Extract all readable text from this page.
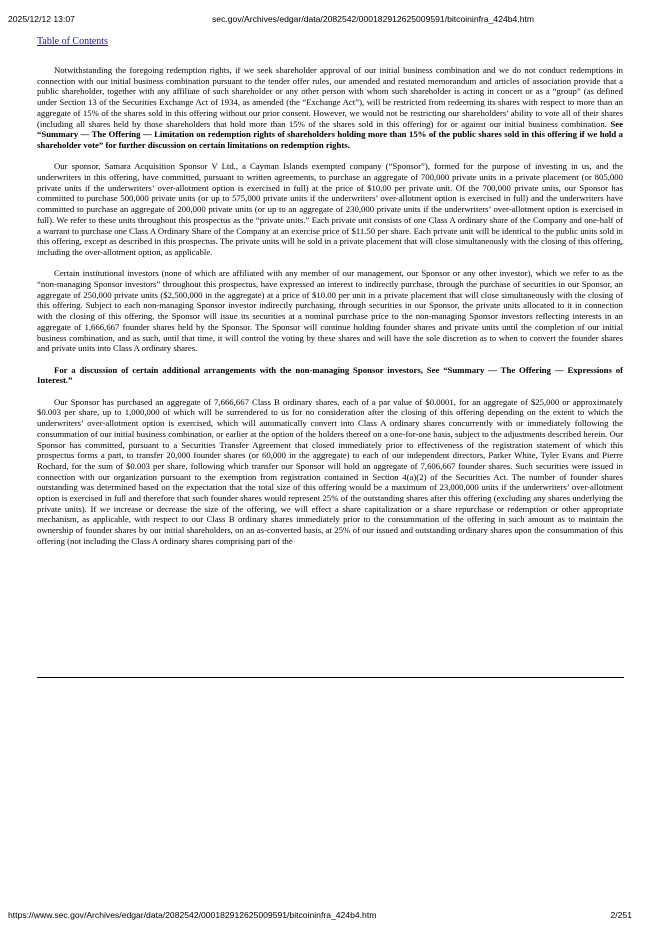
2025/12/12 13:07	sec.gov/Archives/edgar/data/2082542/000182912625009591/bitcoininfra_424b4.htm
Table of Contents

Notwithstanding the foregoing redemption rights, if we seek shareholder approval of our initial business combination and we do not conduct redemptions in connection with our initial business combination pursuant to the tender offer rules, our amended and restated memorandum and articles of association provide that a public shareholder, together with any affiliate of such shareholder or any other person with whom such shareholder is acting in concert or as a “group” (as defined under Section 13 of the Securities Exchange Act of 1934, as amended (the “Exchange Act”), will be restricted from redeeming its shares with respect to more than an aggregate of 15% of the shares sold in this offering without our prior consent. However, we would not be restricting our shareholders’ ability to vote all of their shares (including all shares held by those shareholders that hold more than 15% of the shares sold in this offering) for or against our initial business combination. See “Summary — The Offering — Limitation on redemption rights of shareholders holding more than 15% of the public shares sold in this offering if we hold a shareholder vote” for further discussion on certain limitations on redemption rights.

Our sponsor, Samara Acquisition Sponsor V Ltd., a Cayman Islands exempted company (“Sponsor”), formed for the purpose of investing in us, and the underwriters in this offering, have committed, pursuant to written agreements, to purchase an aggregate of 700,000 private units in a private placement (or 805,000 private units if the underwriters’ over-allotment option is exercised in full) at the price of $10.00 per private unit. Of the 700,000 private units, our Sponsor has committed to purchase 500,000 private units (or up to 575,000 private units if the underwriters’ over-allotment option is exercised in full) and the underwriters have committed to purchase an aggregate of 200,000 private units (or up to an aggregate of 230,000 private units if the underwriters’ over-allotment option is exercised in full). We refer to these units throughout this prospectus as the “private units.” Each private unit consists of one Class A ordinary share of the Company and one-half of a warrant to purchase one Class A Ordinary Share of the Company at an exercise price of $11.50 per share. Each private unit will be identical to the public units sold in this offering, except as described in this prospectus. The private units will be sold in a private placement that will close simultaneously with the closing of this offering, including the over-allotment option, as applicable.

Certain institutional investors (none of which are affiliated with any member of our management, our Sponsor or any other investor), which we refer to as the “non-managing Sponsor investors” throughout this prospectus, have expressed an interest to indirectly purchase, through the purchase of securities in our Sponsor, an aggregate of 250,000 private units ($2,500,000 in the aggregate) at a price of $10.00 per unit in a private placement that will close simultaneously with the closing of this offering. Subject to each non-managing Sponsor investor indirectly purchasing, through securities in our Sponsor, the private units allocated to it in connection with the closing of this offering, the Sponsor will issue its securities at a nominal purchase price to the non-managing Sponsor investors reflecting interests in an aggregate of 1,666,667 founder shares held by the Sponsor. The Sponsor will continue holding founder shares and private units until the completion of our initial business combination, and as such, until that time, it will control the voting by these shares and will have the sole discretion as to when to convert the founder shares and private units into Class A ordinary shares.

For a discussion of certain additional arrangements with the non-managing Sponsor investors, See “Summary — The Offering — Expressions of Interest.”

Our Sponsor has purchased an aggregate of 7,666,667 Class B ordinary shares, each of a par value of $0.0001, for an aggregate of $25,000 or approximately $0.003 per share, up to 1,000,000 of which will be surrendered to us for no consideration after the closing of this offering depending on the extent to which the underwriters’ over-allotment option is exercised, which will automatically convert into Class A ordinary shares concurrently with or immediately following the consummation of our initial business combination, or earlier at the option of the holders thereof on a one-for-one basis, subject to the adjustments described herein. Our Sponsor has committed, pursuant to a Securities Transfer Agreement that closed immediately prior to effectiveness of the registration statement of which this prospectus forms a part, to transfer 20,000 founder shares (or 60,000 in the aggregate) to each of our independent directors, Parker White, Tyler Evans and Pierre Rochard, for the sum of $0.003 per share, following which transfer our Sponsor will hold an aggregate of 7,606,667 founder shares. Such securities were issued in connection with our organization pursuant to the exemption from registration contained in Section 4(a)(2) of the Securities Act. The number of founder shares outstanding was determined based on the expectation that the total size of this offering would be a maximum of 23,000,000 units if the underwriters’ over-allotment option is exercised in full and therefore that such founder shares would represent 25% of the outstanding shares after this offering (excluding any shares underlying the private units). If we increase or decrease the size of the offering, we will effect a share capitalization or a share repurchase or redemption or other appropriate mechanism, as applicable, with respect to our Class B ordinary shares immediately prior to the consummation of the offering in such amount as to maintain the ownership of founder shares by our initial shareholders, on an as-converted basis, at 25% of our issued and outstanding ordinary shares upon the consummation of this offering (not including the Class A ordinary shares comprising part of the

https://www.sec.gov/Archives/edgar/data/2082542/000182912625009591/bitcoininfra_424b4.htm	2/251
